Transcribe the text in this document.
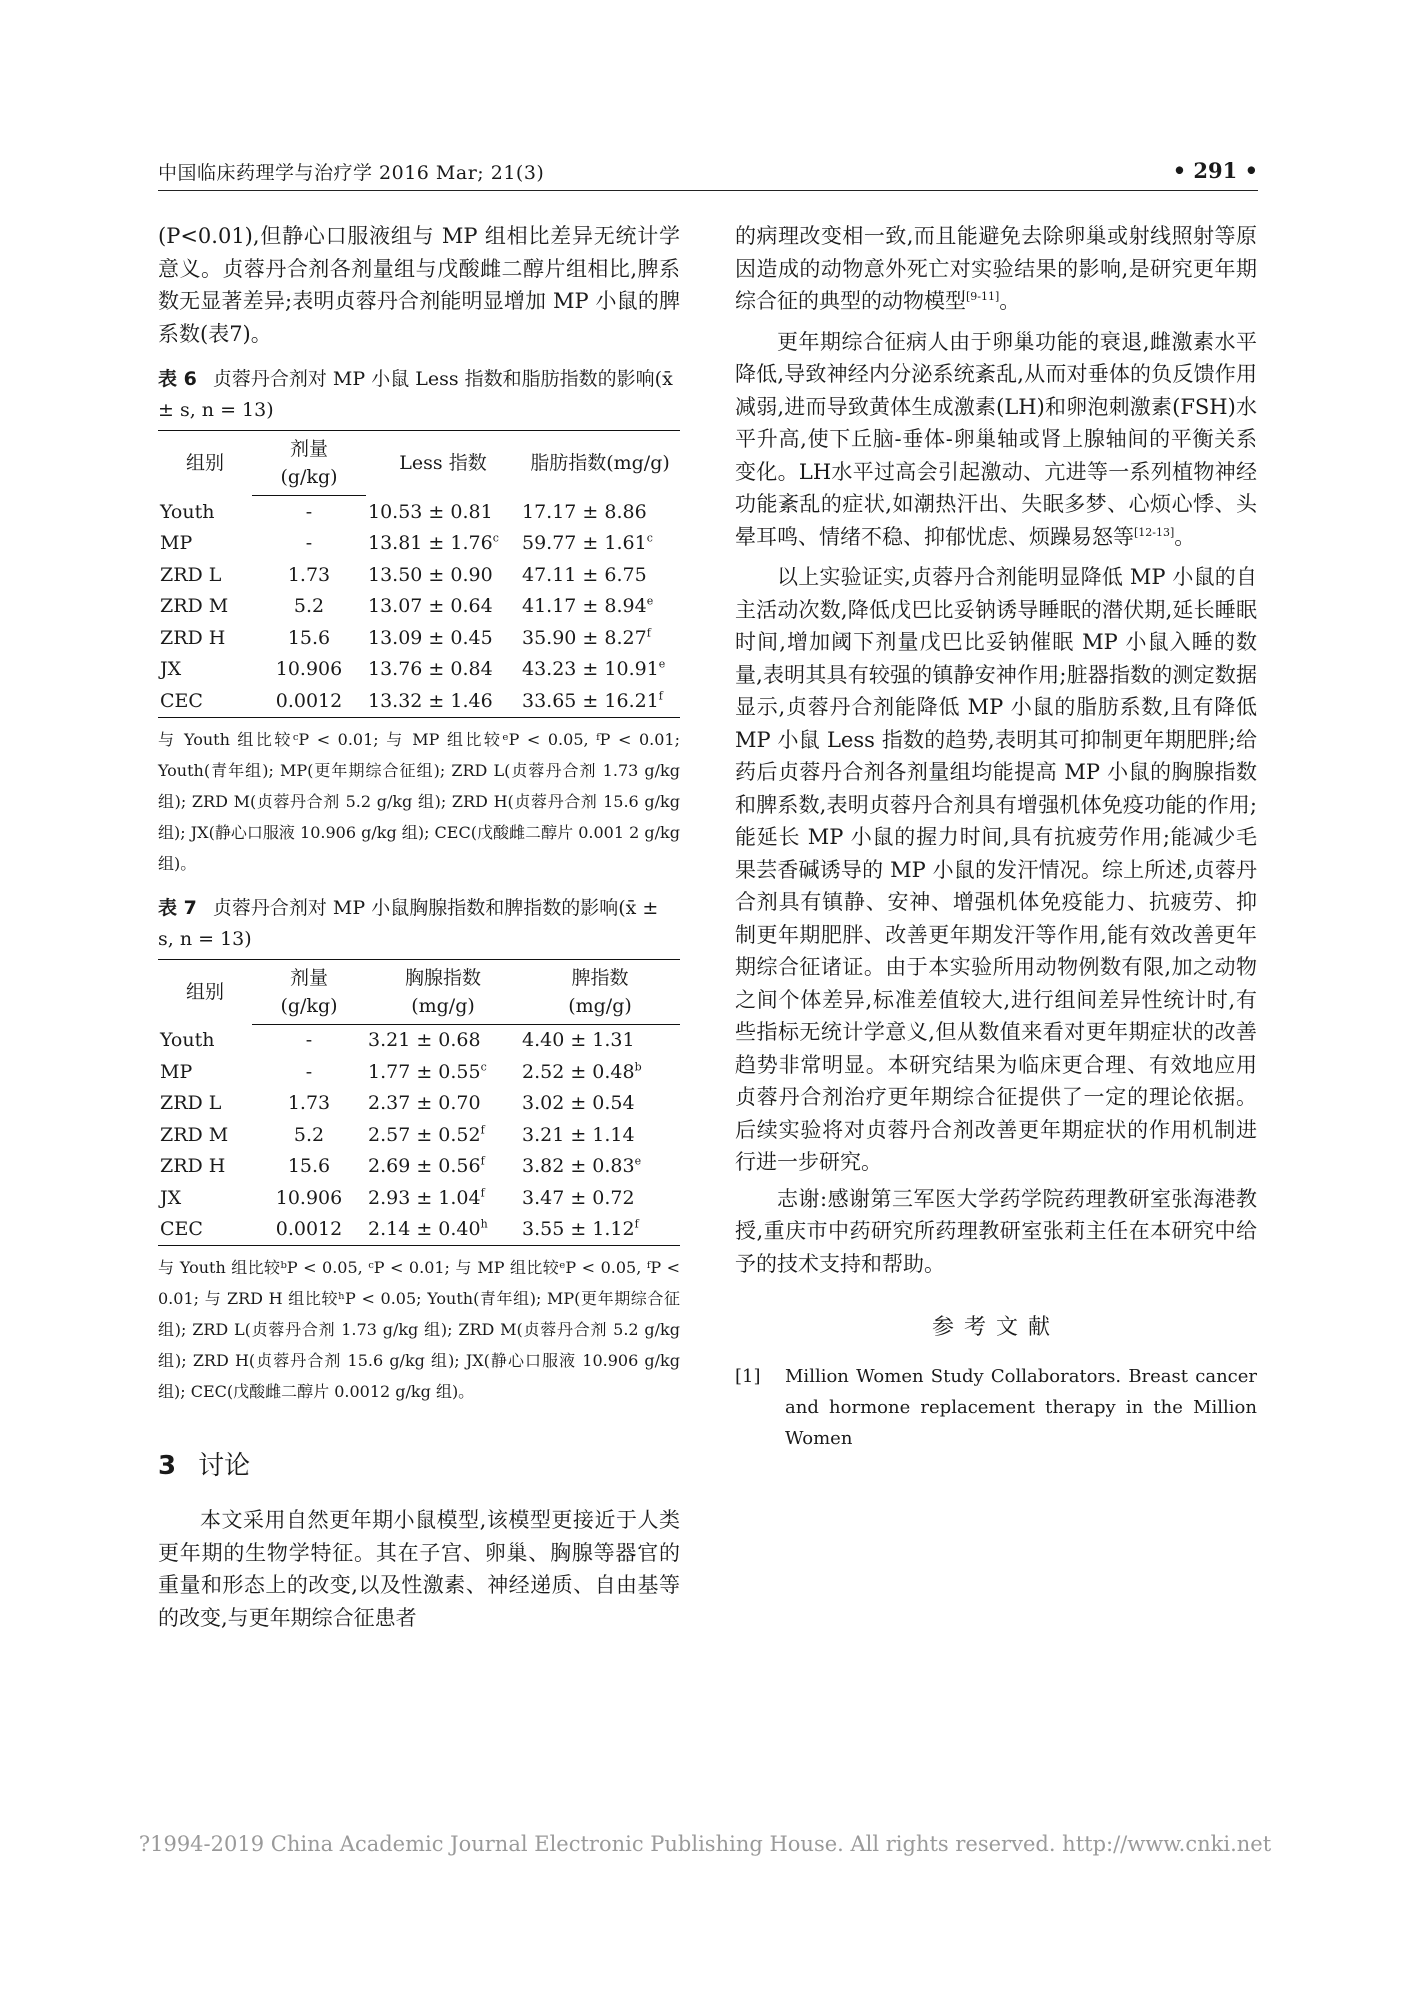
中国临床药理学与治疗学 2016 Mar; 21(3)	• 291 •

(P<0.01),但静心口服液组与 MP 组相比差异无统计学意义。贞蓉丹合剂各剂量组与戊酸雌二醇片组相比,脾系数无显著差异;表明贞蓉丹合剂能明显增加 MP 小鼠的脾系数(表7)。

表 6 贞蓉丹合剂对 MP 小鼠 Less 指数和脂肪指数的影响(x̄ ± s, n = 13)
组别	剂量	Less 指数	脂肪指数(mg/g)
	(g/kg)		
Youth	-	10.53 ± 0.81	17.17 ± 8.86
MP	-	13.81 ± 1.76$^c$	59.77 ± 1.61$^c$
ZRD L	1.73	13.50 ± 0.90	47.11 ± 6.75
ZRD M	5.2	13.07 ± 0.64	41.17 ± 8.94$^e$
ZRD H	15.6	13.09 ± 0.45	35.90 ± 8.27$^f$
JX	10.906	13.76 ± 0.84	43.23 ± 10.91$^e$
CEC	0.0012	13.32 ± 1.46	33.65 ± 16.21$^f$

与 Youth 组比较ᶜP < 0.01; 与 MP 组比较ᵉP < 0.05, ᶠP < 0.01; Youth(青年组); MP(更年期综合征组); ZRD L(贞蓉丹合剂 1.73 g/kg 组); ZRD M(贞蓉丹合剂 5.2 g/kg 组); ZRD H(贞蓉丹合剂 15.6 g/kg 组); JX(静心口服液 10.906 g/kg 组); CEC(戊酸雌二醇片 0.001 2 g/kg 组)。

表 7 贞蓉丹合剂对 MP 小鼠胸腺指数和脾指数的影响(x̄ ± s, n = 13)
组别	剂量	胸腺指数	脾指数
	(g/kg)	(mg/g)	(mg/g)
Youth	-	3.21 ± 0.68	4.40 ± 1.31
MP	-	1.77 ± 0.55$^c$	2.52 ± 0.48$^b$
ZRD L	1.73	2.37 ± 0.70	3.02 ± 0.54
ZRD M	5.2	2.57 ± 0.52$^f$	3.21 ± 1.14
ZRD H	15.6	2.69 ± 0.56$^f$	3.82 ± 0.83$^e$
JX	10.906	2.93 ± 1.04$^f$	3.47 ± 0.72
CEC	0.0012	2.14 ± 0.40$^h$	3.55 ± 1.12$^f$

与 Youth 组比较ᵇP < 0.05, ᶜP < 0.01; 与 MP 组比较ᵉP < 0.05, ᶠP < 0.01; 与 ZRD H 组比较ʰP < 0.05; Youth(青年组); MP(更年期综合征组); ZRD L(贞蓉丹合剂 1.73 g/kg 组); ZRD M(贞蓉丹合剂 5.2 g/kg 组); ZRD H(贞蓉丹合剂 15.6 g/kg 组); JX(静心口服液 10.906 g/kg 组); CEC(戊酸雌二醇片 0.0012 g/kg 组)。

3 讨论

本文采用自然更年期小鼠模型,该模型更接近于人类更年期的生物学特征。其在子宫、卵巢、胸腺等器官的重量和形态上的改变,以及性激素、神经递质、自由基等的改变,与更年期综合征患者

的病理改变相一致,而且能避免去除卵巢或射线照射等原因造成的动物意外死亡对实验结果的影响,是研究更年期综合征的典型的动物模型[9-11]。

更年期综合征病人由于卵巢功能的衰退,雌激素水平降低,导致神经内分泌系统紊乱,从而对垂体的负反馈作用减弱,进而导致黄体生成激素(LH)和卵泡刺激素(FSH)水平升高,使下丘脑-垂体-卵巢轴或肾上腺轴间的平衡关系变化。LH水平过高会引起激动、亢进等一系列植物神经功能紊乱的症状,如潮热汗出、失眠多梦、心烦心悸、头晕耳鸣、情绪不稳、抑郁忧虑、烦躁易怒等[12-13]。

以上实验证实,贞蓉丹合剂能明显降低 MP 小鼠的自主活动次数,降低戊巴比妥钠诱导睡眠的潜伏期,延长睡眠时间,增加阈下剂量戊巴比妥钠催眠 MP 小鼠入睡的数量,表明其具有较强的镇静安神作用;脏器指数的测定数据显示,贞蓉丹合剂能降低 MP 小鼠的脂肪系数,且有降低 MP 小鼠 Less 指数的趋势,表明其可抑制更年期肥胖;给药后贞蓉丹合剂各剂量组均能提高 MP 小鼠的胸腺指数和脾系数,表明贞蓉丹合剂具有增强机体免疫功能的作用;能延长 MP 小鼠的握力时间,具有抗疲劳作用;能减少毛果芸香碱诱导的 MP 小鼠的发汗情况。综上所述,贞蓉丹合剂具有镇静、安神、增强机体免疫能力、抗疲劳、抑制更年期肥胖、改善更年期发汗等作用,能有效改善更年期综合征诸证。由于本实验所用动物例数有限,加之动物之间个体差异,标准差值较大,进行组间差异性统计时,有些指标无统计学意义,但从数值来看对更年期症状的改善趋势非常明显。本研究结果为临床更合理、有效地应用贞蓉丹合剂治疗更年期综合征提供了一定的理论依据。后续实验将对贞蓉丹合剂改善更年期症状的作用机制进行进一步研究。

志谢:感谢第三军医大学药学院药理教研室张海港教授,重庆市中药研究所药理教研室张莉主任在本研究中给予的技术支持和帮助。

参考文献
[1]	Million Women Study Collaborators. Breast cancer and hormone replacement therapy in the Million Women
?1994-2019 China Academic Journal Electronic Publishing House. All rights reserved. http://www.cnki.net
